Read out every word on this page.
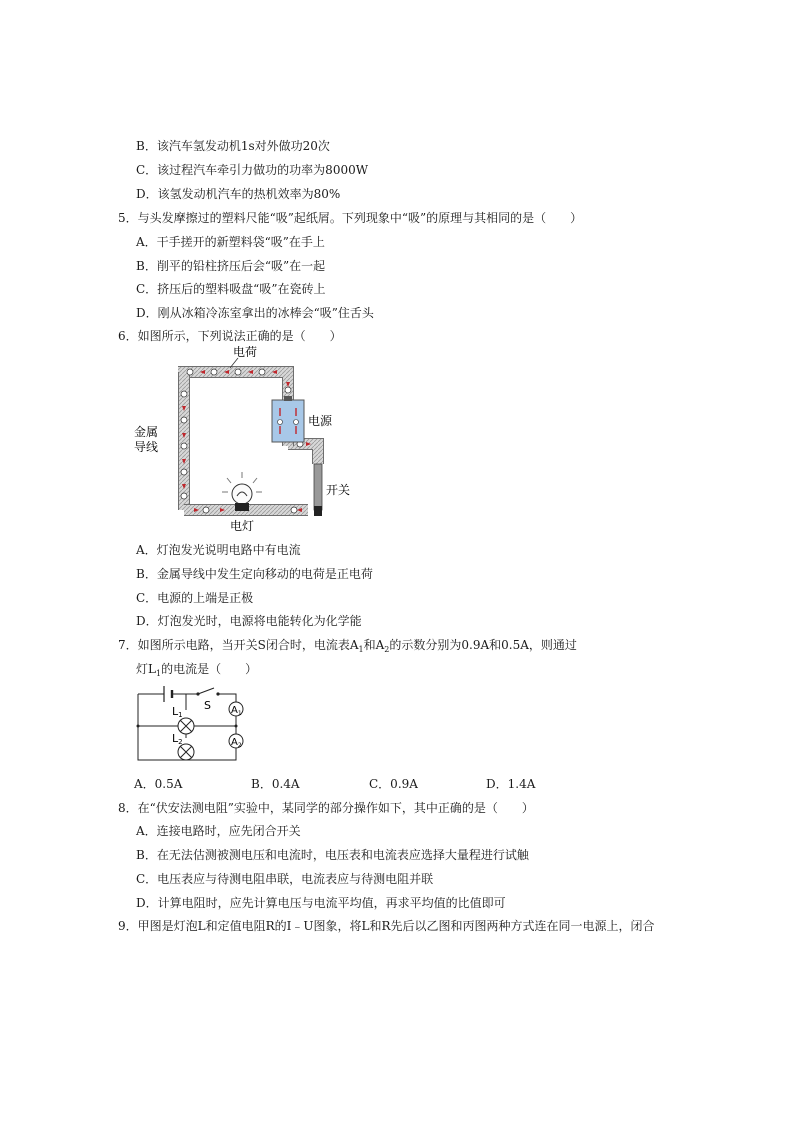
B．该汽车氢发动机1s对外做功20次
C．该过程汽车牵引力做功的功率为8000W
D．该氢发动机汽车的热机效率为80%
5．与头发摩擦过的塑料尺能“吸”起纸屑。下列现象中“吸”的原理与其相同的是（　　）
A．干手搓开的新塑料袋“吸”在手上
B．削平的铅柱挤压后会“吸”在一起
C．挤压后的塑料吸盘“吸”在瓷砖上
D．刚从冰箱冷冻室拿出的冰棒会“吸”住舌头
6．如图所示，下列说法正确的是（　　）
电荷
电源
金属
导线
开关
电灯
A．灯泡发光说明电路中有电流
B．金属导线中发生定向移动的电荷是正电荷
C．电源的上端是正极
D．灯泡发光时，电源将电能转化为化学能
7．如图所示电路，当开关S闭合时，电流表$A_1$和$A_2$的示数分别为0.9A和0.5A，则通过
灯$L_1$的电流是（　　）
S
L1
L2
$A_1$
$A_2$
A．0.5A	B．0.4A	C．0.9A	D．1.4A
8．在“伏安法测电阻”实验中，某同学的部分操作如下，其中正确的是（　　）
A．连接电路时，应先闭合开关
B．在无法估测被测电压和电流时，电压表和电流表应选择大量程进行试触
C．电压表应与待测电阻串联，电流表应与待测电阻并联
D．计算电阻时，应先计算电压与电流平均值，再求平均值的比值即可
9．甲图是灯泡L和定值电阻R的I﹣U图象，将L和R先后以乙图和丙图两种方式连在同一电源上，闭合
